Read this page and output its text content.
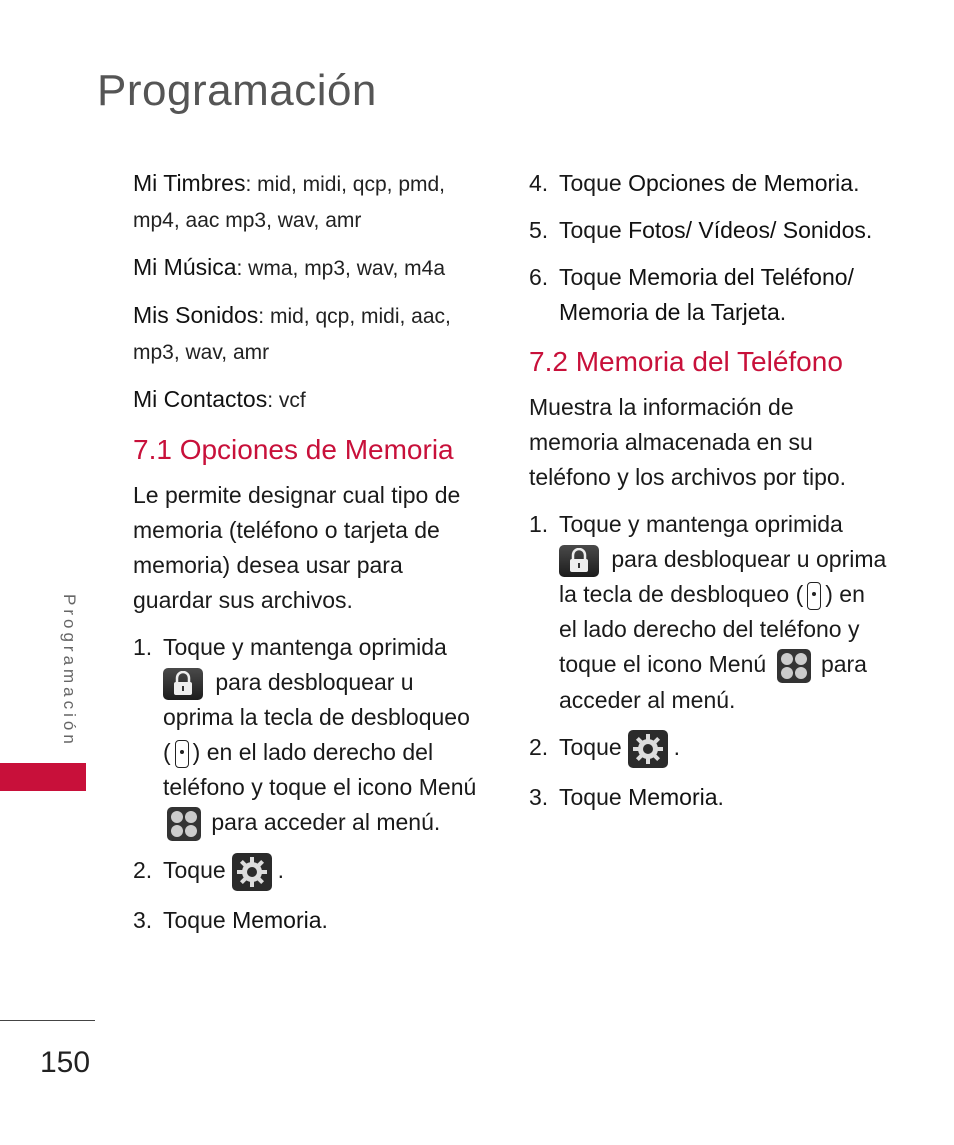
Programación

Mi Timbres: mid, midi, qcp, pmd, mp4, aac mp3, wav, amr

Mi Música: wma, mp3, wav, m4a

Mis Sonidos: mid, qcp, midi, aac, mp3, wav, amr

Mi Contactos: vcf

7.1 Opciones de Memoria

Le permite designar cual tipo de memoria (teléfono o tarjeta de memoria) desea usar para guardar sus archivos.

1. Toque y mantenga oprimida

para desbloquear u oprima la tecla de desbloqueo ( ) en el lado derecho del teléfono y toque el icono Menú
para acceder al menú.
2. Toque .
3. Toque Memoria.
4. Toque Opciones de Memoria.
5. Toque Fotos/ Vídeos/ Sonidos.
6. Toque Memoria del Teléfono/ Memoria de la Tarjeta.
7.2 Memoria del Teléfono

Muestra la información de memoria almacenada en su teléfono y los archivos por tipo.

1. Toque y mantenga oprimida

para desbloquear u oprima la tecla de desbloqueo ( ) en el lado derecho del teléfono y toque el icono Menú para acceder al menú.
2. Toque .
3. Toque Memoria.
Programación
150
